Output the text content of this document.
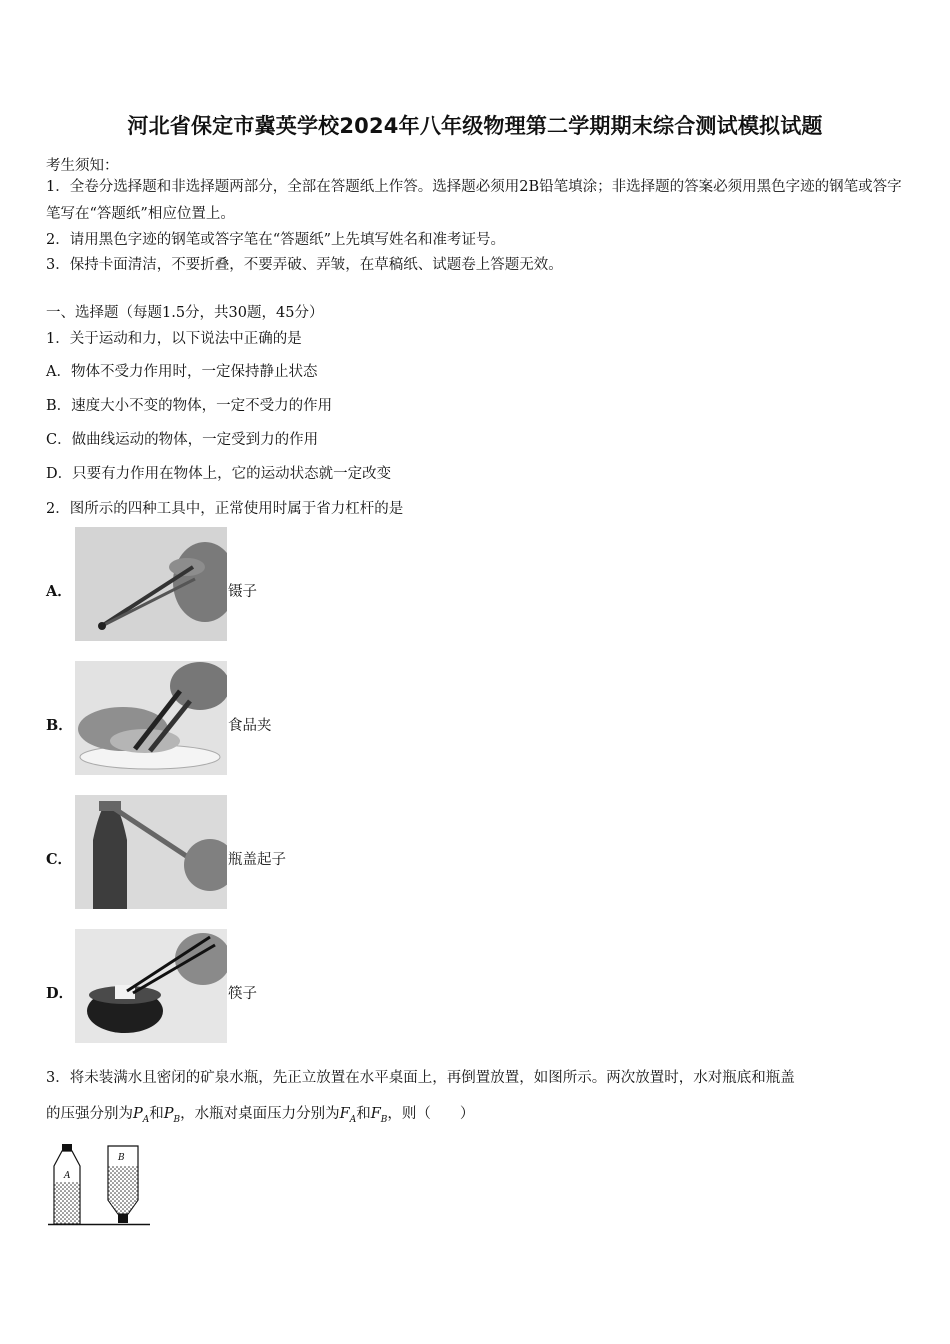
河北省保定市冀英学校2024年八年级物理第二学期期末综合测试模拟试题
考生须知：
1．全卷分选择题和非选择题两部分，全部在答题纸上作答。选择题必须用2B铅笔填涂；非选择题的答案必须用黑色字迹的钢笔或答字笔写在“答题纸”相应位置上。
2．请用黑色字迹的钢笔或答字笔在“答题纸”上先填写姓名和准考证号。
3．保持卡面清洁，不要折叠，不要弄破、弄皱，在草稿纸、试题卷上答题无效。
一、选择题（每题1.5分，共30题，45分）
1．关于运动和力，以下说法中正确的是
A．物体不受力作用时，一定保持静止状态
B．速度大小不变的物体，一定不受力的作用
C．做曲线运动的物体，一定受到力的作用
D．只要有力作用在物体上，它的运动状态就一定改变
2．图所示的四种工具中，正常使用时属于省力杠杆的是
A．	镊子
B．	食品夹
C．	瓶盖起子
D．	筷子
3．将未装满水且密闭的矿泉水瓶，先正立放置在水平桌面上，再倒置放置，如图所示。两次放置时，水对瓶底和瓶盖
的压强分别为$P_A$和$P_B$，水瓶对桌面压力分别为$F_A$和$F_B$，则（　　）
A
B
